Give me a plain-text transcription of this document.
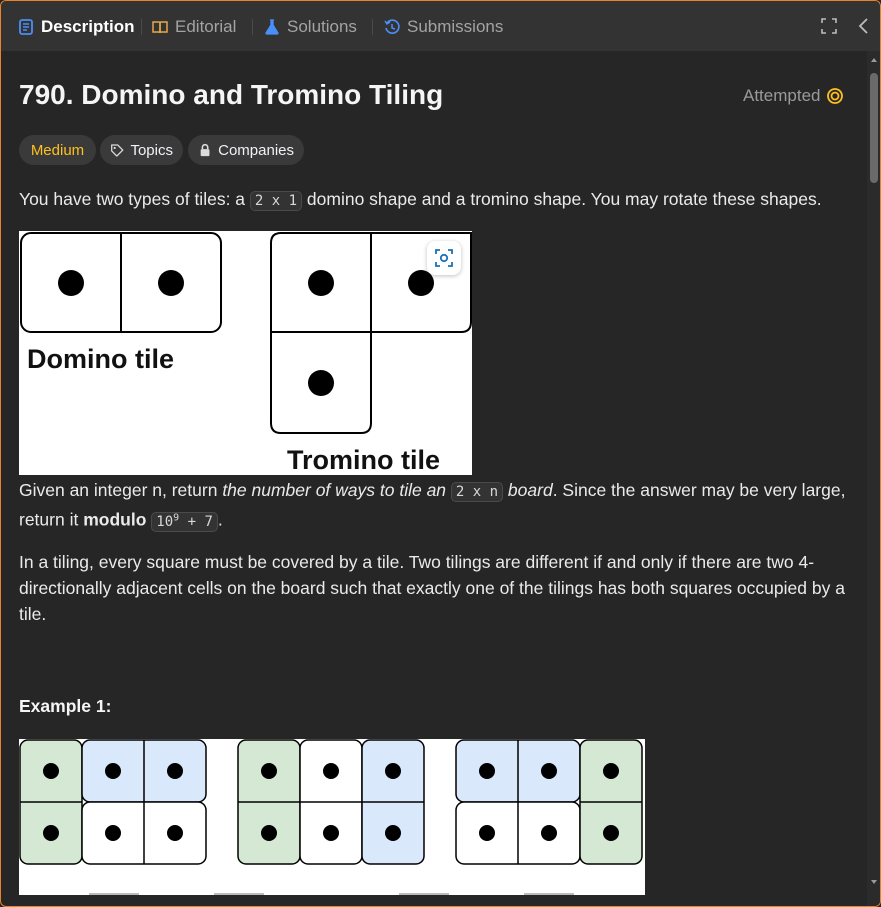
Description Editorial	Solutions	Submissions
790. Domino and Tromino Tiling	Attempted
Medium	Topics	Companies
You have two types of tiles: a 2 x 1 domino shape and a tromino shape. You may rotate these shapes.
Domino tile
Tromino tile
Given an integer n, return the number of ways to tile an 2 x n board. Since the answer may be very large, return it modulo $10^9 + 7$ .
In a tiling, every square must be covered by a tile. Two tilings are different if and only if there are two 4-directionally adjacent cells on the board such that exactly one of the tilings has both squares occupied by a tile.
Example 1:
